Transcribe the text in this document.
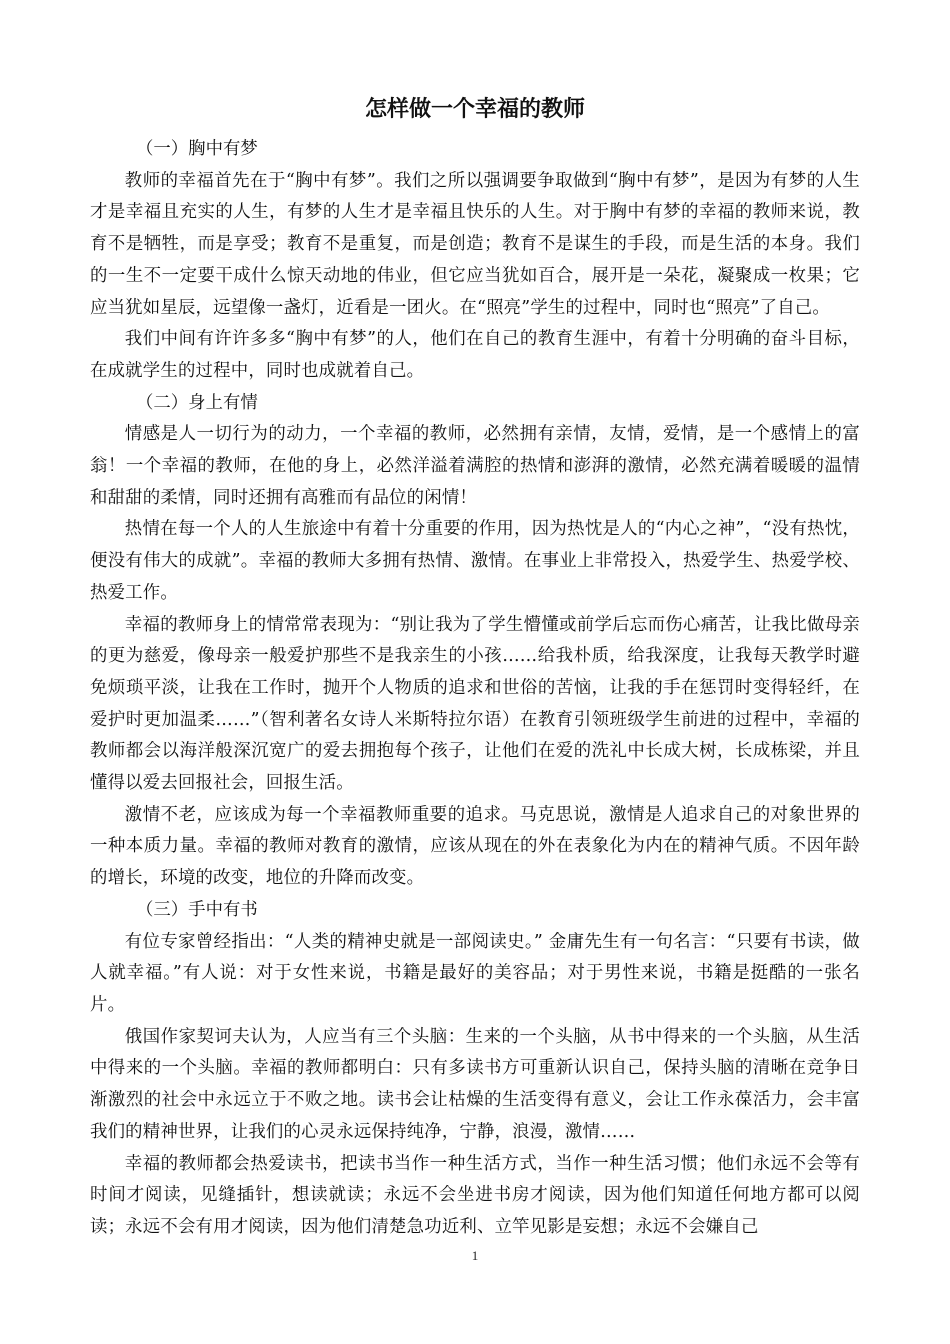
怎样做一个幸福的教师

（一）胸中有梦

教师的幸福首先在于“胸中有梦”。我们之所以强调要争取做到“胸中有梦”，是因为有梦的人生才是幸福且充实的人生，有梦的人生才是幸福且快乐的人生。对于胸中有梦的幸福的教师来说，教育不是牺牲，而是享受；教育不是重复，而是创造；教育不是谋生的手段，而是生活的本身。我们的一生不一定要干成什么惊天动地的伟业，但它应当犹如百合，展开是一朵花，凝聚成一枚果；它应当犹如星辰，远望像一盏灯，近看是一团火。在“照亮”学生的过程中，同时也“照亮”了自己。

我们中间有许许多多“胸中有梦”的人，他们在自己的教育生涯中，有着十分明确的奋斗目标，在成就学生的过程中，同时也成就着自己。

（二）身上有情

情感是人一切行为的动力，一个幸福的教师，必然拥有亲情，友情，爱情，是一个感情上的富翁！一个幸福的教师，在他的身上，必然洋溢着满腔的热情和澎湃的激情，必然充满着暖暖的温情和甜甜的柔情，同时还拥有高雅而有品位的闲情！

热情在每一个人的人生旅途中有着十分重要的作用，因为热忱是人的“内心之神”，“没有热忱，便没有伟大的成就”。幸福的教师大多拥有热情、激情。在事业上非常投入，热爱学生、热爱学校、热爱工作。

幸福的教师身上的情常常表现为：“别让我为了学生懵懂或前学后忘而伤心痛苦，让我比做母亲的更为慈爱，像母亲一般爱护那些不是我亲生的小孩……给我朴质，给我深度，让我每天教学时避免烦琐平淡，让我在工作时，抛开个人物质的追求和世俗的苦恼，让我的手在惩罚时变得轻纤，在爱护时更加温柔……”（智利著名女诗人米斯特拉尔语）在教育引领班级学生前进的过程中，幸福的教师都会以海洋般深沉宽广的爱去拥抱每个孩子，让他们在爱的洗礼中长成大树，长成栋梁，并且懂得以爱去回报社会，回报生活。

激情不老，应该成为每一个幸福教师重要的追求。马克思说，激情是人追求自己的对象世界的一种本质力量。幸福的教师对教育的激情，应该从现在的外在表象化为内在的精神气质。不因年龄的增长，环境的改变，地位的升降而改变。

（三）手中有书

有位专家曾经指出：“人类的精神史就是一部阅读史。” 金庸先生有一句名言：“只要有书读，做人就幸福。”有人说：对于女性来说，书籍是最好的美容品；对于男性来说，书籍是挺酷的一张名片。

俄国作家契诃夫认为，人应当有三个头脑：生来的一个头脑，从书中得来的一个头脑，从生活中得来的一个头脑。幸福的教师都明白：只有多读书方可重新认识自己，保持头脑的清晰在竞争日渐激烈的社会中永远立于不败之地。读书会让枯燥的生活变得有意义，会让工作永葆活力，会丰富我们的精神世界，让我们的心灵永远保持纯净，宁静，浪漫，激情……

幸福的教师都会热爱读书，把读书当作一种生活方式，当作一种生活习惯；他们永远不会等有时间才阅读，见缝插针，想读就读；永远不会坐进书房才阅读，因为他们知道任何地方都可以阅读；永远不会有用才阅读，因为他们清楚急功近利、立竿见影是妄想；永远不会嫌自己

1
